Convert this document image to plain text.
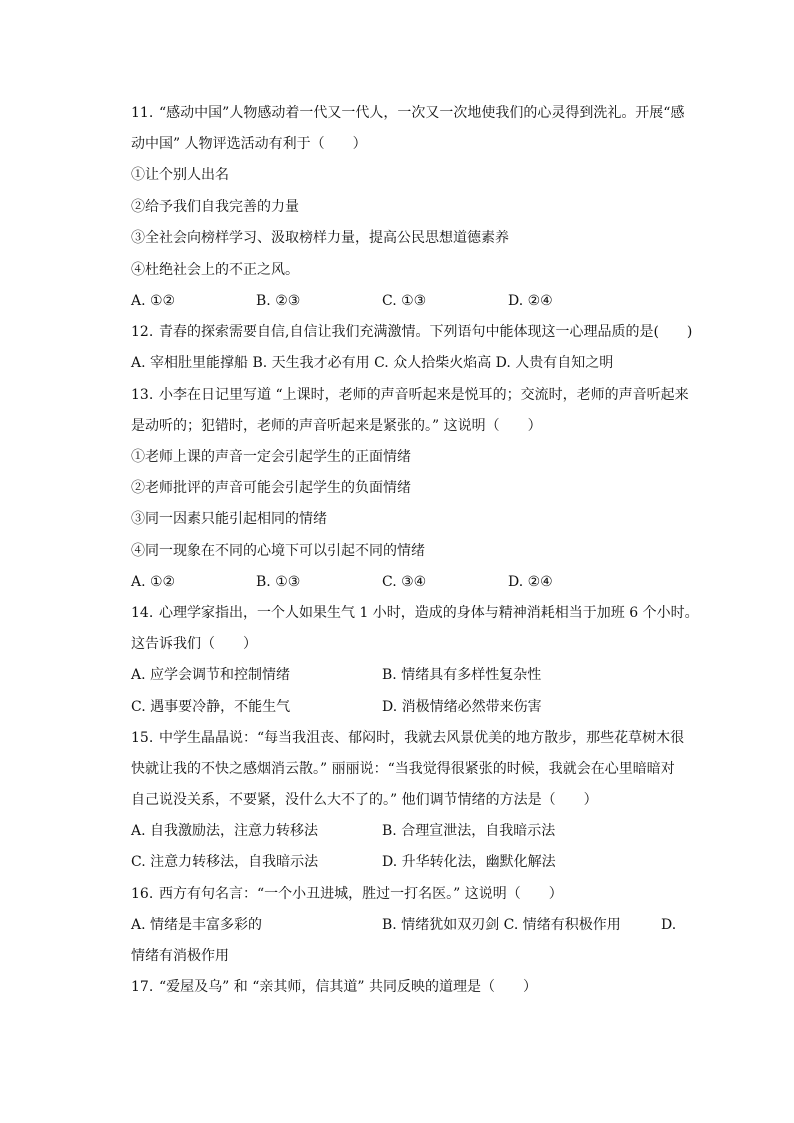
11. “感动中国”人物感动着一代又一代人，一次又一次地使我们的心灵得到洗礼。开展“感
动中国” 人物评选活动有利于（　　）
①让个别人出名
②给予我们自我完善的力量
③全社会向榜样学习、汲取榜样力量，提高公民思想道德素养
④杜绝社会上的不正之风。
A. ①②	B. ②③	C. ①③	D. ②④
12. 青春的探索需要自信,自信让我们充满激情。下列语句中能体现这一心理品质的是(　　)
A. 宰相肚里能撑船 B. 天生我才必有用 C. 众人拾柴火焰高 D. 人贵有自知之明
13. 小李在日记里写道 “上课时，老师的声音听起来是悦耳的；交流时，老师的声音听起来
是动听的；犯错时，老师的声音听起来是紧张的。” 这说明（　　）
①老师上课的声音一定会引起学生的正面情绪
②老师批评的声音可能会引起学生的负面情绪
③同一因素只能引起相同的情绪
④同一现象在不同的心境下可以引起不同的情绪
A. ①②	B. ①③	C. ③④	D. ②④
14. 心理学家指出，一个人如果生气 1 小时，造成的身体与精神消耗相当于加班 6 个小时。
这告诉我们（　　）
A. 应学会调节和控制情绪	B. 情绪具有多样性复杂性
C. 遇事要冷静，不能生气	D. 消极情绪必然带来伤害
15. 中学生晶晶说：“每当我沮丧、郁闷时，我就去风景优美的地方散步，那些花草树木很
快就让我的不快之感烟消云散。” 丽丽说：“当我觉得很紧张的时候，我就会在心里暗暗对
自己说没关系，不要紧，没什么大不了的。” 他们调节情绪的方法是（　　）
A. 自我激励法，注意力转移法	B. 合理宣泄法，自我暗示法
C. 注意力转移法，自我暗示法	D. 升华转化法，幽默化解法
16. 西方有句名言：“一个小丑进城，胜过一打名医。” 这说明（　　）
A. 情绪是丰富多彩的	B. 情绪犹如双刃剑 C. 情绪有积极作用	D.
情绪有消极作用
17. “爱屋及乌” 和 “亲其师，信其道” 共同反映的道理是（　　）
